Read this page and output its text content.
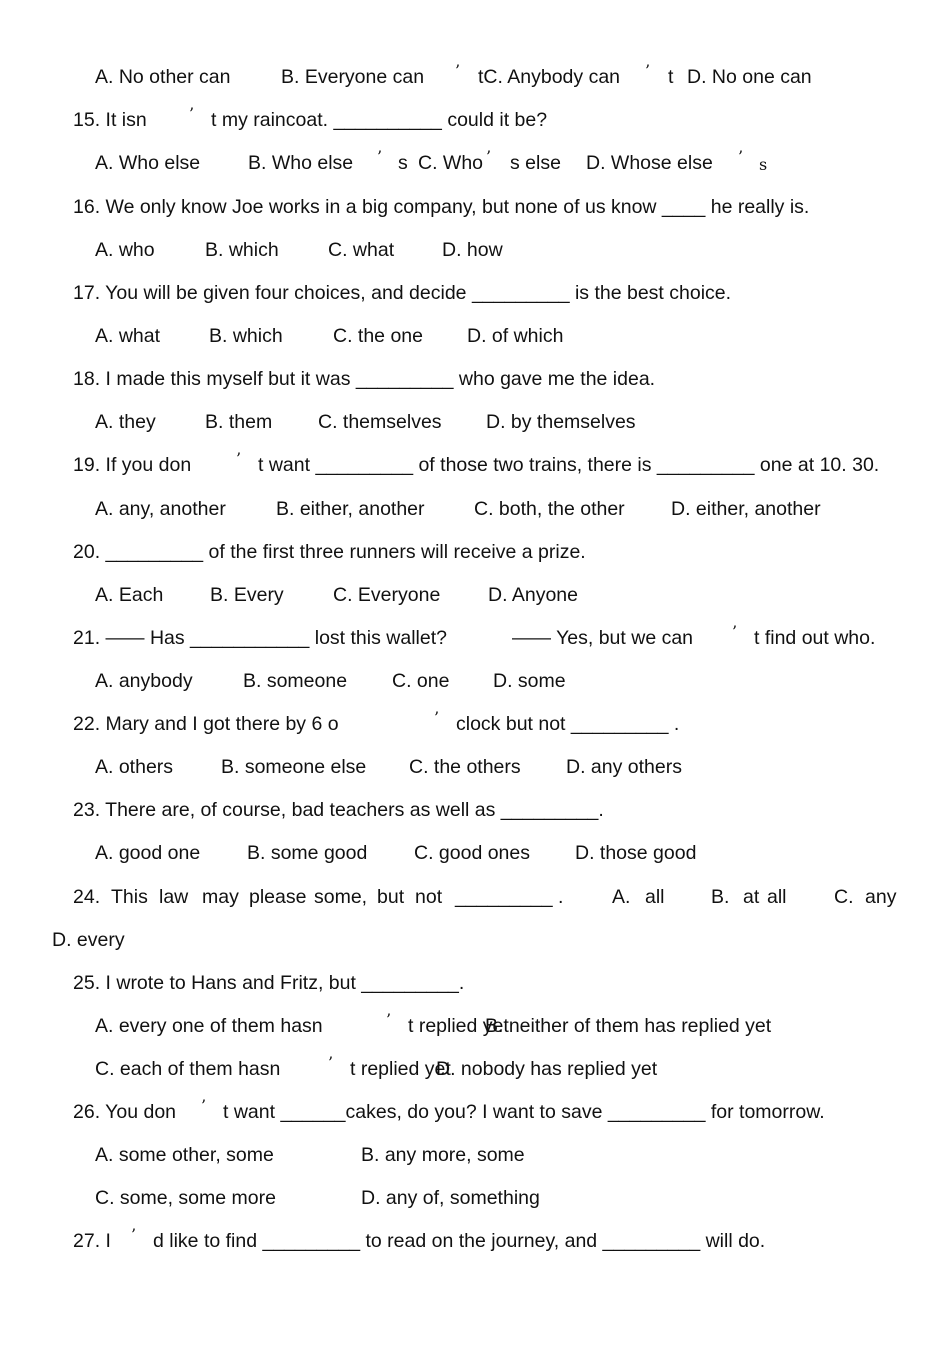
A. No other can

	B. Everyone can

’

tC. Anybody can

’

t

D. No one can

15. It isn

	’

t my raincoat. __________ could it be?

A. Who else

B. Who else

’

s

C. Who

’

s else

D. Whose else

’

s

16. We only know Joe works in a big company, but none of us know ____ he really is.

A. who

	B. which

	C. what

D. how

17. You will be given four choices, and decide _________ is the best choice.

A. what

	B. which

	C. the one

D. of which

18. I made this myself but it was _________ who gave me the idea.

A. they

	B. them

C. themselves

D. by themselves

19. If you don

	’

t want _________ of those two trains, there is _________ one at 10. 30.

A. any, another

	B. either, another

	C. both, the other

D. either, another

20. _________ of the first three runners will receive a prize.

A. Each

B. Every

	C. Everyone

D. Anyone

21. —— Has ___________ lost this wallet?

	—— Yes, but we can

’

t find out who.

A. anybody

	B. someone

C. one

D. some

22. Mary and I got there by 6 o

	’

clock but not _________ .

A. others

B. someone else

C. the others

D. any others

23. There are, of course, bad teachers as well as _________.

A. good one

B. some good

C. good ones

D. those good

24.

This

law

may

please

some,

but

not

_________ .

A.

all

B.

at

all

C.

any

D. every

25. I wrote to Hans and Fritz, but _________.

A. every one of them hasn

	’

t replied yet

B. neither of them has replied yet

C. each of them hasn

	’

t replied yet

D. nobody has replied yet

26. You don

’

t want ______cakes, do you? I want to save _________ for tomorrow.

A. some other, some

	B. any more, some

C. some, some more

	D. any of, something

27. I

’

d like to find _________ to read on the journey, and _________ will do.
